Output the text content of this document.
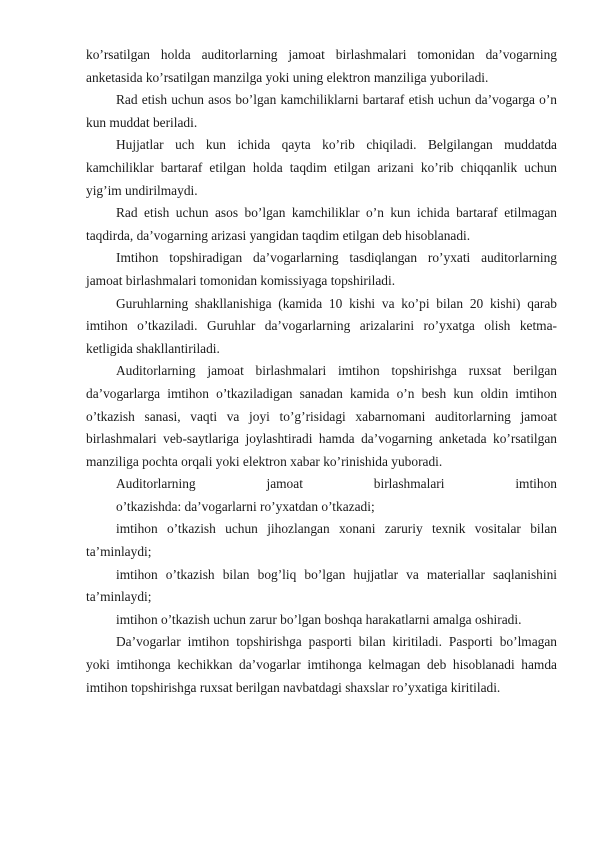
ko’rsatilgan holda auditorlarning jamoat birlashmalari tomonidan da’vogarning anketasida ko’rsatilgan manzilga yoki uning elektron manziliga yuboriladi.

Rad etish uchun asos bo’lgan kamchiliklarni bartaraf etish uchun da’vogarga o’n kun muddat beriladi.

Hujjatlar uch kun ichida qayta ko’rib chiqiladi. Belgilangan muddatda kamchiliklar bartaraf etilgan holda taqdim etilgan arizani ko’rib chiqqanlik uchun yig’im undirilmaydi.

Rad etish uchun asos bo’lgan kamchiliklar o’n kun ichida bartaraf etilmagan taqdirda, da’vogarning arizasi yangidan taqdim etilgan deb hisoblanadi.

Imtihon topshiradigan da’vogarlarning tasdiqlangan ro’yxati auditorlarning jamoat birlashmalari tomonidan komissiyaga topshiriladi.

Guruhlarning shakllanishiga (kamida 10 kishi va ko’pi bilan 20 kishi) qarab imtihon o’tkaziladi. Guruhlar da’vogarlarning arizalarini ro’yxatga olish ketma-ketligida shakllantiriladi.

Auditorlarning jamoat birlashmalari imtihon topshirishga ruxsat berilgan da’vogarlarga imtihon o’tkaziladigan sanadan kamida o’n besh kun oldin imtihon o’tkazish sanasi, vaqti va joyi to’g’risidagi xabarnomani auditorlarning jamoat birlashmalari veb-saytlariga joylashtiradi hamda da’vogarning anketada ko’rsatilgan manziliga pochta orqali yoki elektron xabar ko’rinishida yuboradi.

Auditorlarning jamoat birlashmalari imtihon

o’tkazishda: da’vogarlarni ro’yxatdan o’tkazadi;

imtihon o’tkazish uchun jihozlangan xonani zaruriy texnik vositalar bilan ta’minlaydi;

imtihon o’tkazish bilan bog’liq bo’lgan hujjatlar va materiallar saqlanishini ta’minlaydi;

imtihon o’tkazish uchun zarur bo’lgan boshqa harakatlarni amalga oshiradi.

Da’vogarlar imtihon topshirishga pasporti bilan kiritiladi. Pasporti bo’lmagan yoki imtihonga kechikkan da’vogarlar imtihonga kelmagan deb hisoblanadi hamda imtihon topshirishga ruxsat berilgan navbatdagi shaxslar ro’yxatiga kiritiladi.
